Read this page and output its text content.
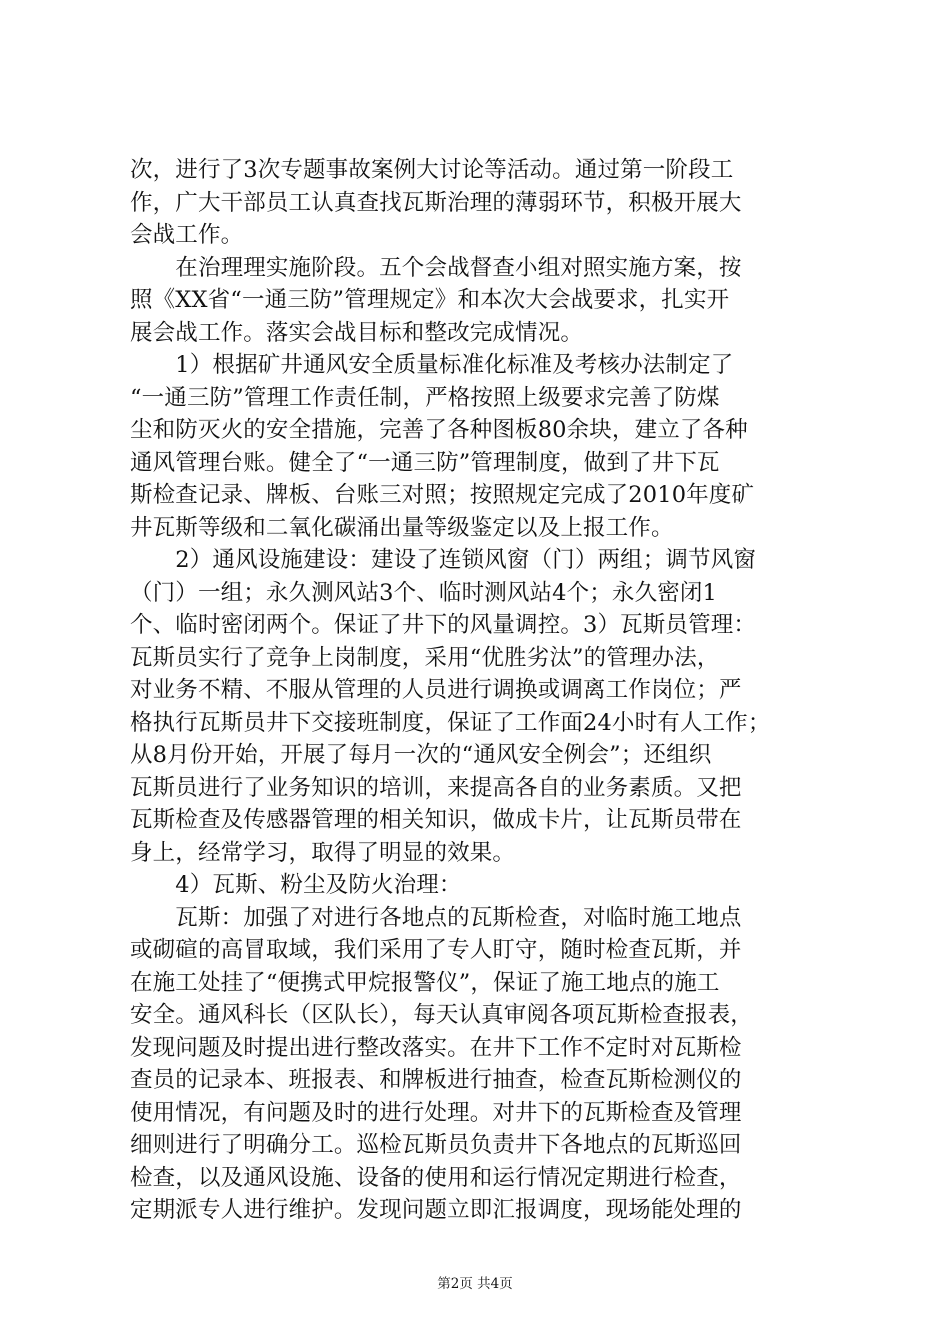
次，进行了3次专题事故案例大讨论等活动。通过第一阶段工
作，广大干部员工认真查找瓦斯治理的薄弱环节，积极开展大
会战工作。
　　在治理理实施阶段。五个会战督查小组对照实施方案，按
照《XX省“一通三防”管理规定》和本次大会战要求，扎实开
展会战工作。落实会战目标和整改完成情况。
　　1）根据矿井通风安全质量标准化标准及考核办法制定了
“一通三防”管理工作责任制，严格按照上级要求完善了防煤
尘和防灭火的安全措施，完善了各种图板80余块，建立了各种
通风管理台账。健全了“一通三防”管理制度，做到了井下瓦
斯检查记录、牌板、台账三对照；按照规定完成了2010年度矿
井瓦斯等级和二氧化碳涌出量等级鉴定以及上报工作。
　　2）通风设施建设：建设了连锁风窗（门）两组；调节风窗
（门）一组；永久测风站3个、临时测风站4个；永久密闭1
个、临时密闭两个。保证了井下的风量调控。3）瓦斯员管理：
瓦斯员实行了竞争上岗制度，采用“优胜劣汰”的管理办法，
对业务不精、不服从管理的人员进行调换或调离工作岗位；严
格执行瓦斯员井下交接班制度，保证了工作面24小时有人工作；
从8月份开始，开展了每月一次的“通风安全例会”；还组织
瓦斯员进行了业务知识的培训，来提高各自的业务素质。又把
瓦斯检查及传感器管理的相关知识，做成卡片，让瓦斯员带在
身上，经常学习，取得了明显的效果。
　　4）瓦斯、粉尘及防火治理：
　　瓦斯：加强了对进行各地点的瓦斯检查，对临时施工地点
或砌碹的高冒取域，我们采用了专人盯守，随时检查瓦斯，并
在施工处挂了“便携式甲烷报警仪”，保证了施工地点的施工
安全。通风科长（区队长），每天认真审阅各项瓦斯检查报表，
发现问题及时提出进行整改落实。在井下工作不定时对瓦斯检
查员的记录本、班报表、和牌板进行抽查，检查瓦斯检测仪的
使用情况，有问题及时的进行处理。对井下的瓦斯检查及管理
细则进行了明确分工。巡检瓦斯员负责井下各地点的瓦斯巡回
检查，以及通风设施、设备的使用和运行情况定期进行检查，
定期派专人进行维护。发现问题立即汇报调度，现场能处理的
第2页 共4页
